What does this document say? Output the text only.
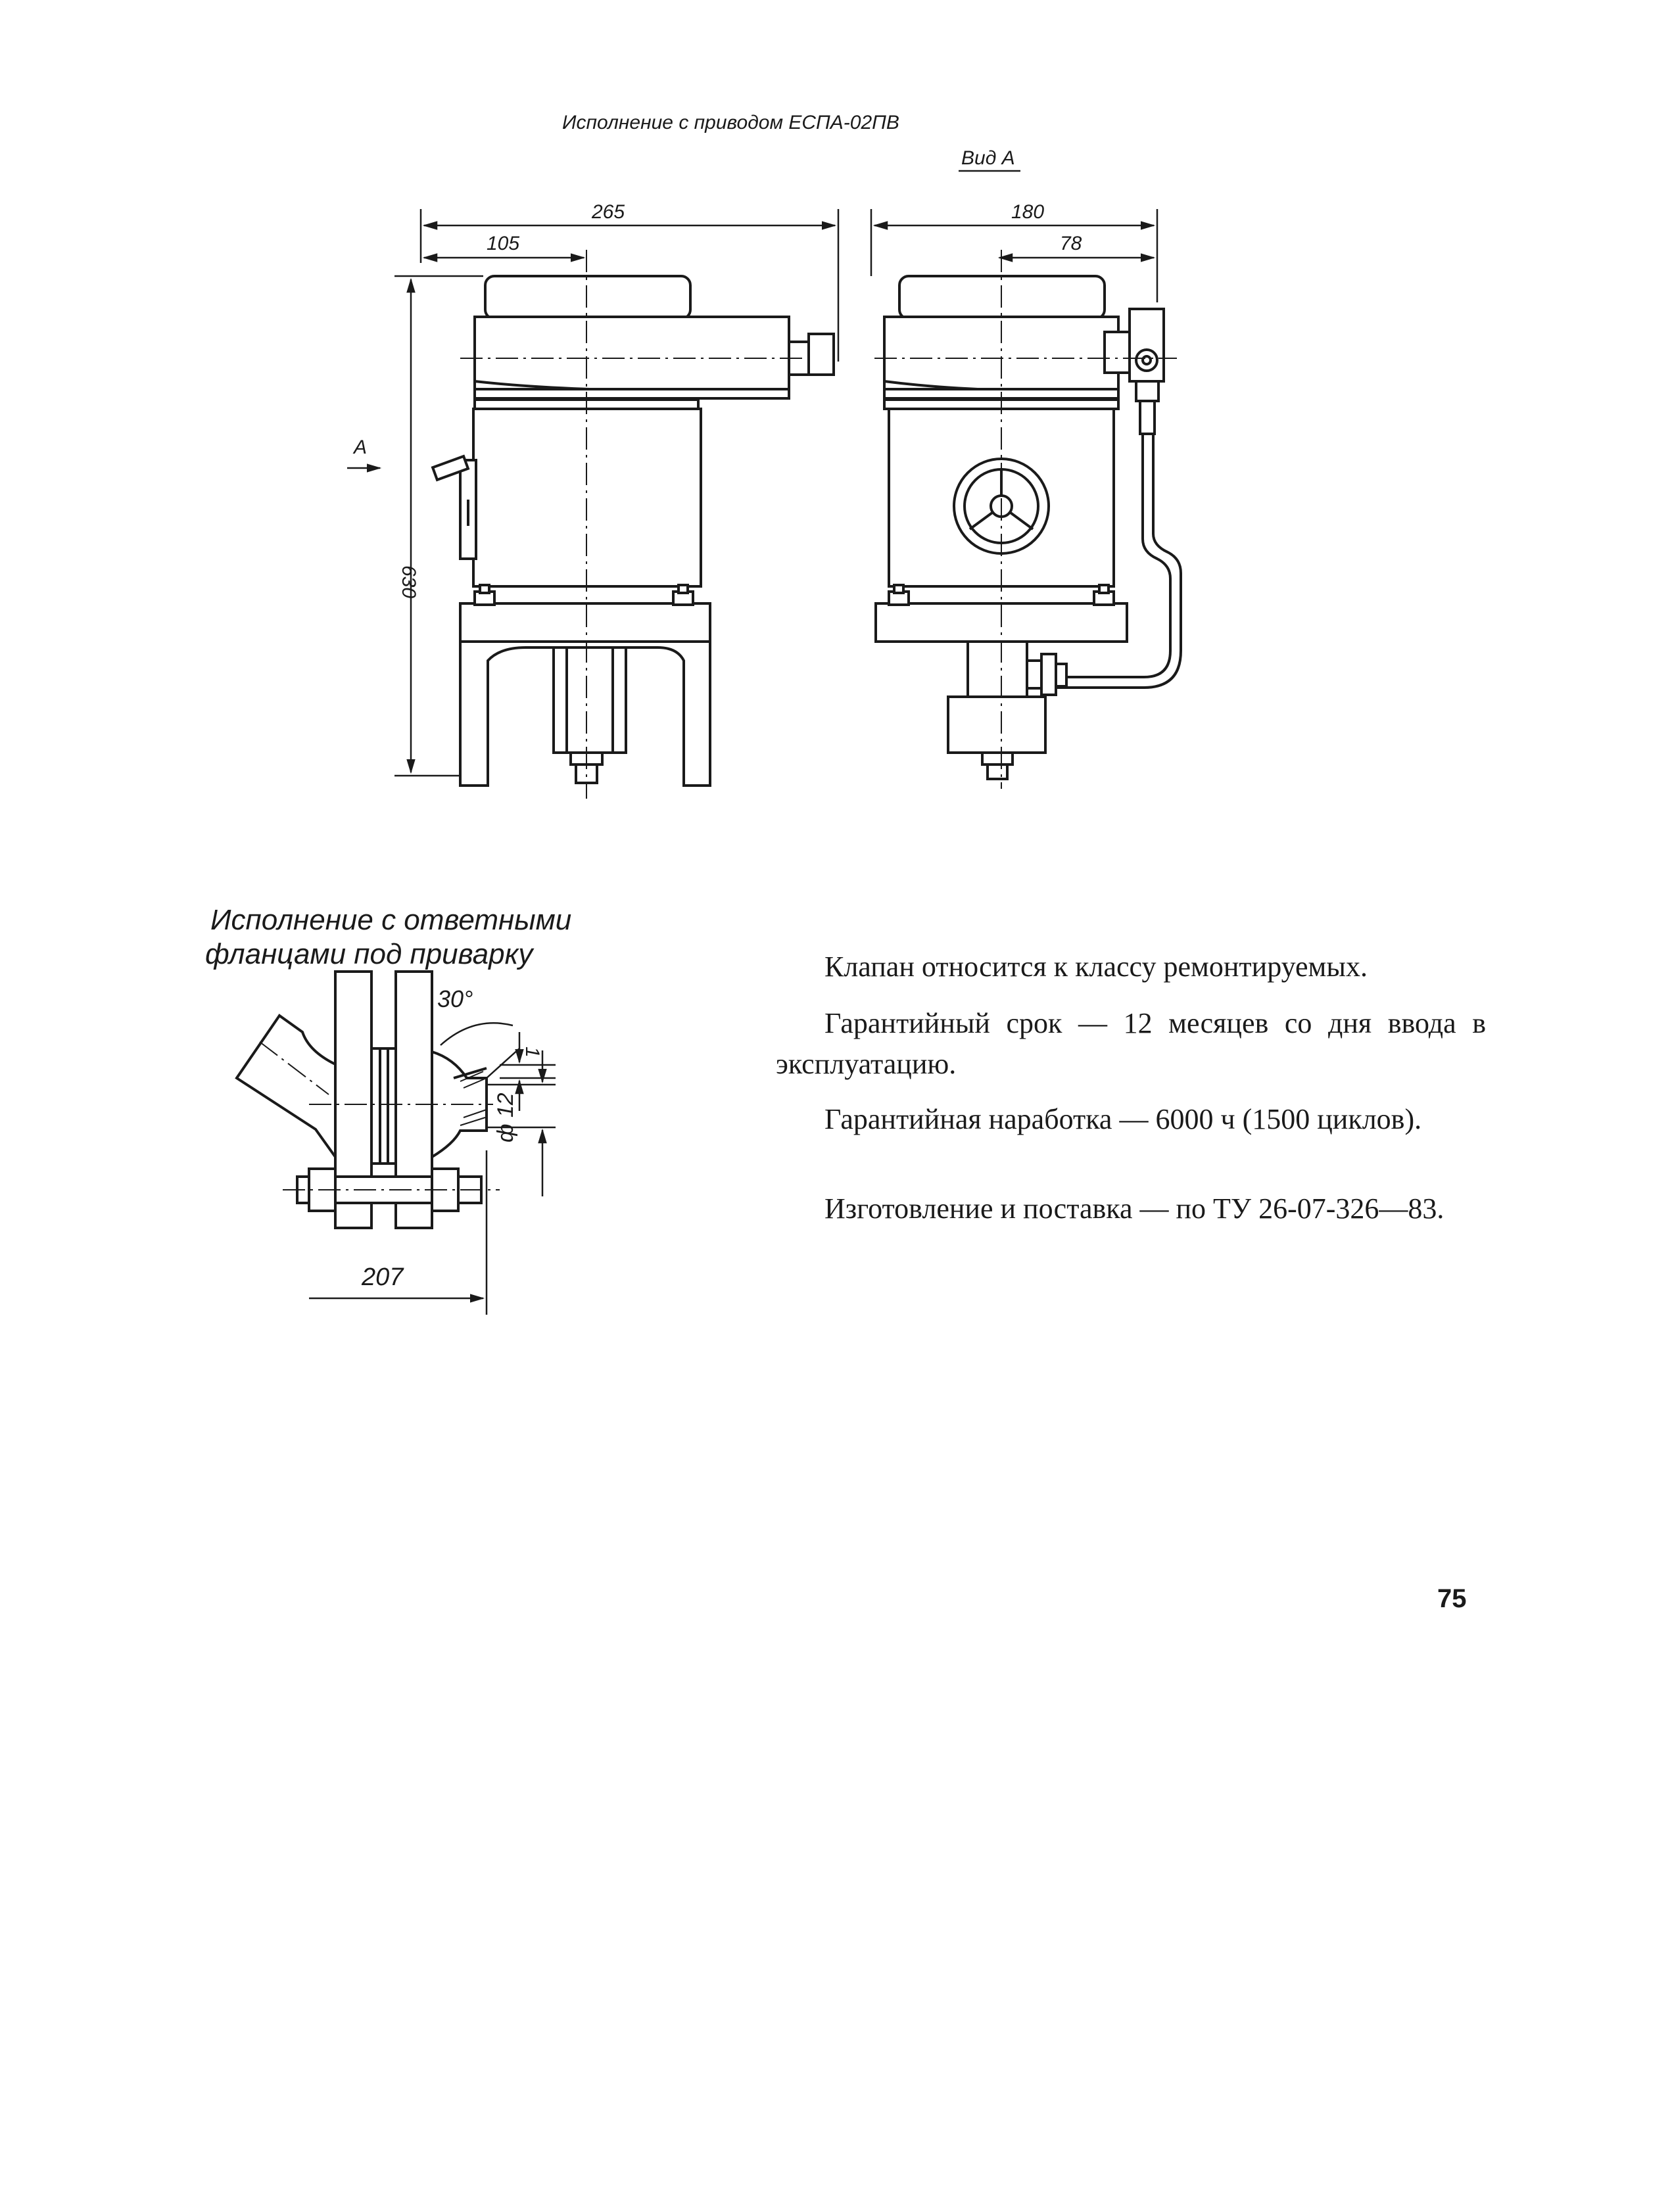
Исполнение с приводом ЕСПА-02ПВ
Вид А
265
105
630
А
180
78
Исполнение с ответными
фланцами под приварку
30°
1
ф 12
207

Клапан относится к классу ремонтируемых.

Гарантийный срок — 12 месяцев со дня ввода в эксплуатацию.

Гарантийная наработка — 6000 ч (1500 циклов).

Изготовление и поставка — по ТУ 26-07-326—83.

75
